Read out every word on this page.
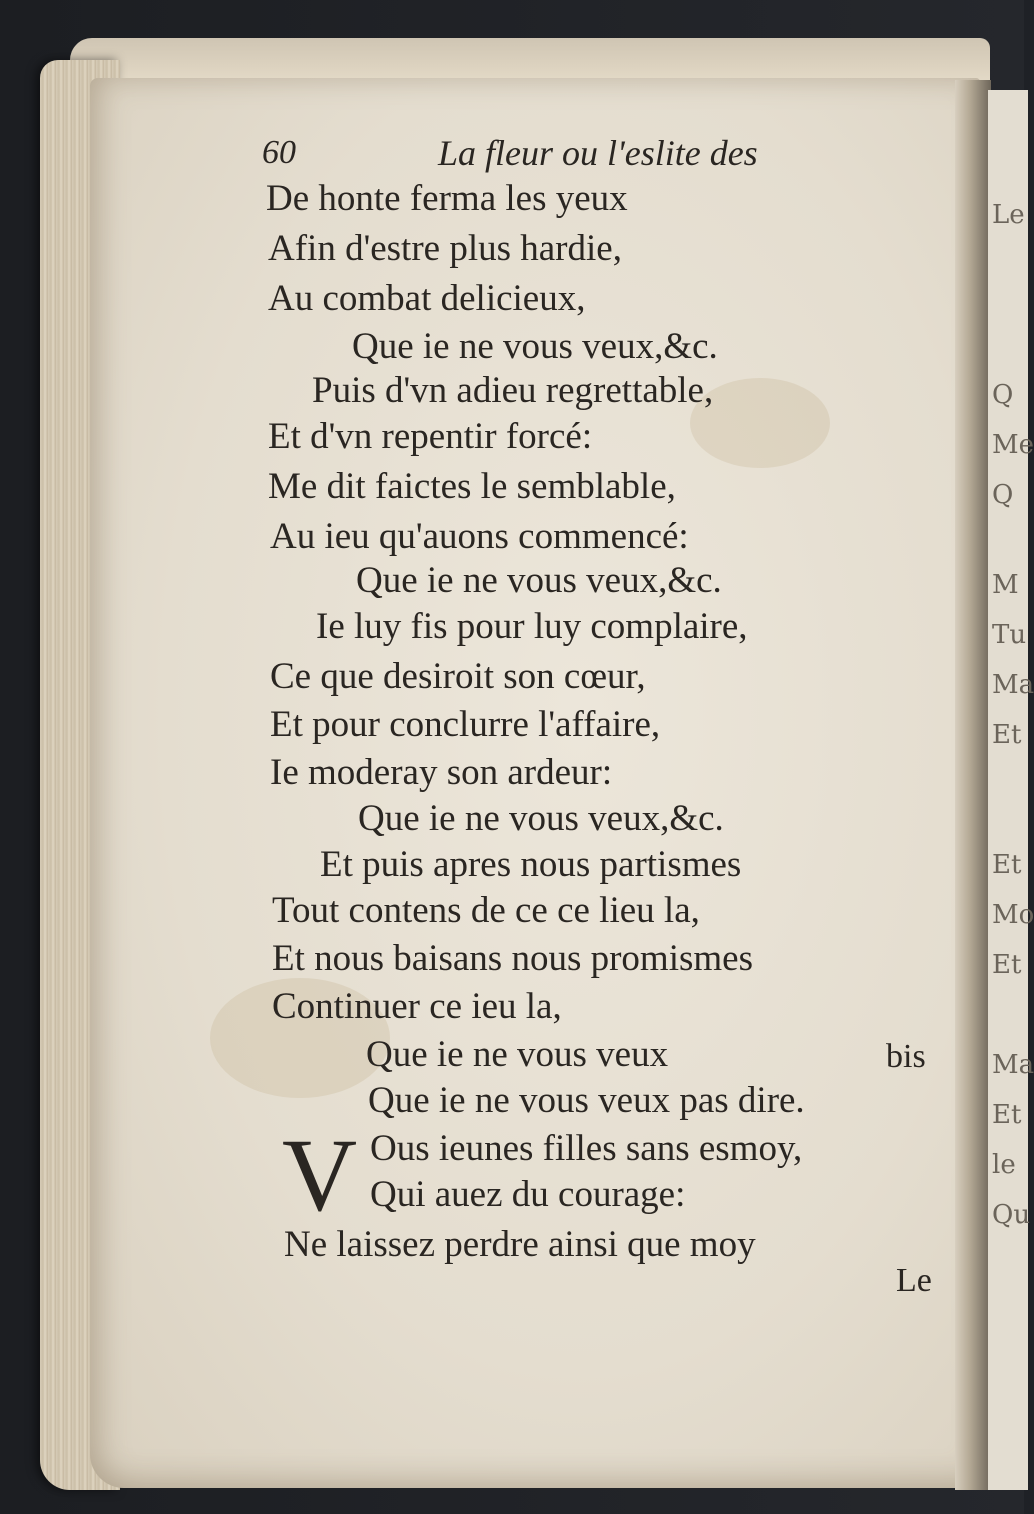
Le
Q
Me
Q
M
Tu
Ma
Et
Et
Mo
Et
Ma
Et
le
Qu
60	La fleur ou l'eslite des
De honte ferma les yeux
Afin d'estre plus hardie,
Au combat delicieux,
Que ie ne vous veux,&c.
Puis d'vn adieu regrettable,
Et d'vn repentir forcé:
Me dit faictes le semblable,
Au ieu qu'auons commencé:
Que ie ne vous veux,&c.
Ie luy fis pour luy complaire,
Ce que desiroit son cœur,
Et pour conclurre l'affaire,
Ie moderay son ardeur:
Que ie ne vous veux,&c.
Et puis apres nous partismes
Tout contens de ce ce lieu la,
Et nous baisans nous promismes
Continuer ce ieu la,
Que ie ne vous veux
Que ie ne vous veux pas dire.
bis
V Ous ieunes filles sans esmoy,
Qui auez du courage:
Ne laissez perdre ainsi que moy
Le
